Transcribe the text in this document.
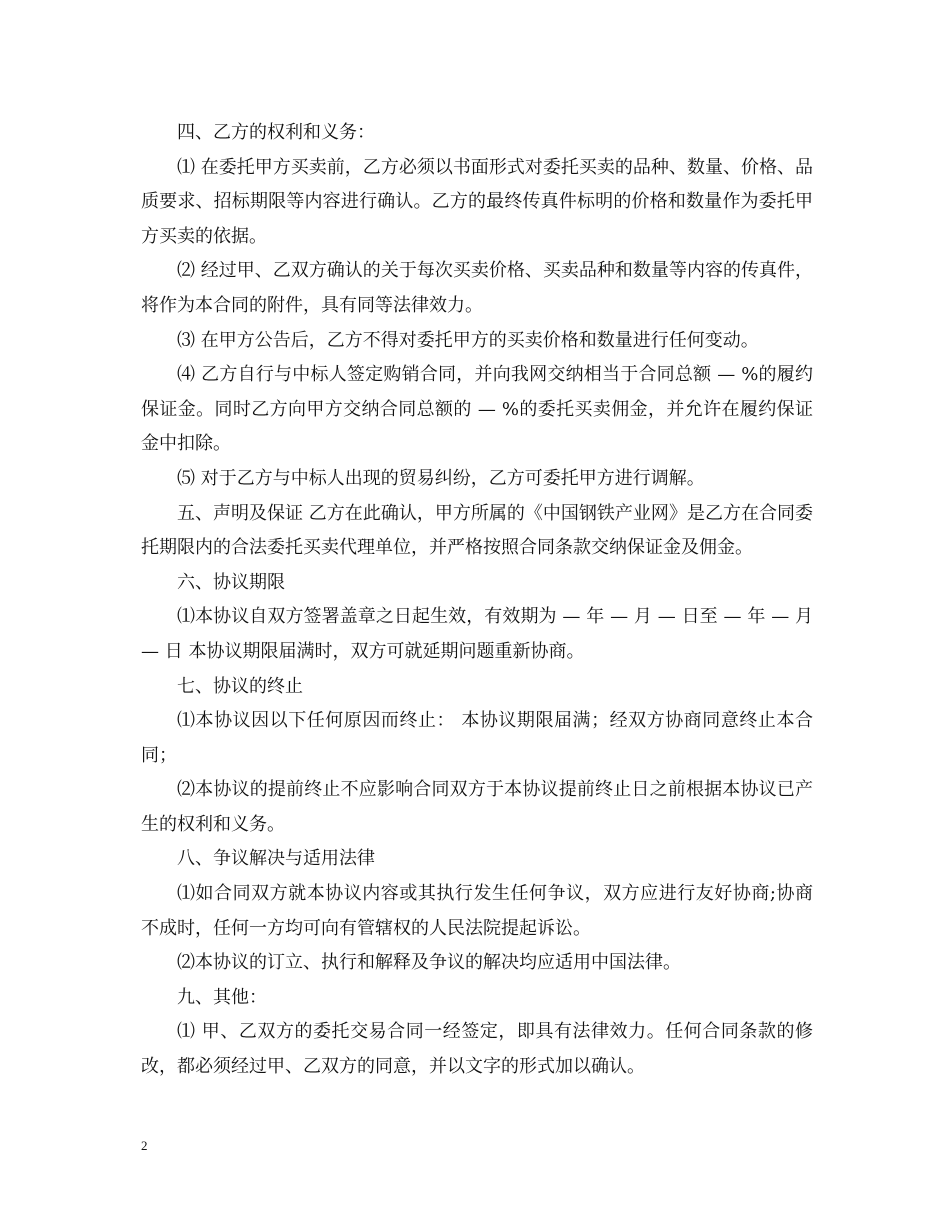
四、乙方的权利和义务：

⑴ 在委托甲方买卖前，乙方必须以书面形式对委托买卖的品种、数量、价格、品质要求、招标期限等内容进行确认。乙方的最终传真件标明的价格和数量作为委托甲方买卖的依据。

⑵ 经过甲、乙双方确认的关于每次买卖价格、买卖品种和数量等内容的传真件，将作为本合同的附件，具有同等法律效力。

⑶ 在甲方公告后，乙方不得对委托甲方的买卖价格和数量进行任何变动。

⑷ 乙方自行与中标人签定购销合同，并向我网交纳相当于合同总额 — %的履约保证金。同时乙方向甲方交纳合同总额的 — %的委托买卖佣金，并允许在履约保证金中扣除。

⑸ 对于乙方与中标人出现的贸易纠纷，乙方可委托甲方进行调解。

五、声明及保证 乙方在此确认，甲方所属的《中国钢铁产业网》是乙方在合同委托期限内的合法委托买卖代理单位，并严格按照合同条款交纳保证金及佣金。

六、协议期限

⑴本协议自双方签署盖章之日起生效，有效期为 — 年 — 月 — 日至 — 年 — 月 — 日 本协议期限届满时，双方可就延期问题重新协商。

七、协议的终止

⑴本协议因以下任何原因而终止： 本协议期限届满；经双方协商同意终止本合同；

⑵本协议的提前终止不应影响合同双方于本协议提前终止日之前根据本协议已产生的权利和义务。

八、争议解决与适用法律

⑴如合同双方就本协议内容或其执行发生任何争议，双方应进行友好协商;协商不成时，任何一方均可向有管辖权的人民法院提起诉讼。

⑵本协议的订立、执行和解释及争议的解决均应适用中国法律。

九、其他：

⑴ 甲、乙双方的委托交易合同一经签定，即具有法律效力。任何合同条款的修改，都必须经过甲、乙双方的同意，并以文字的形式加以确认。

2
